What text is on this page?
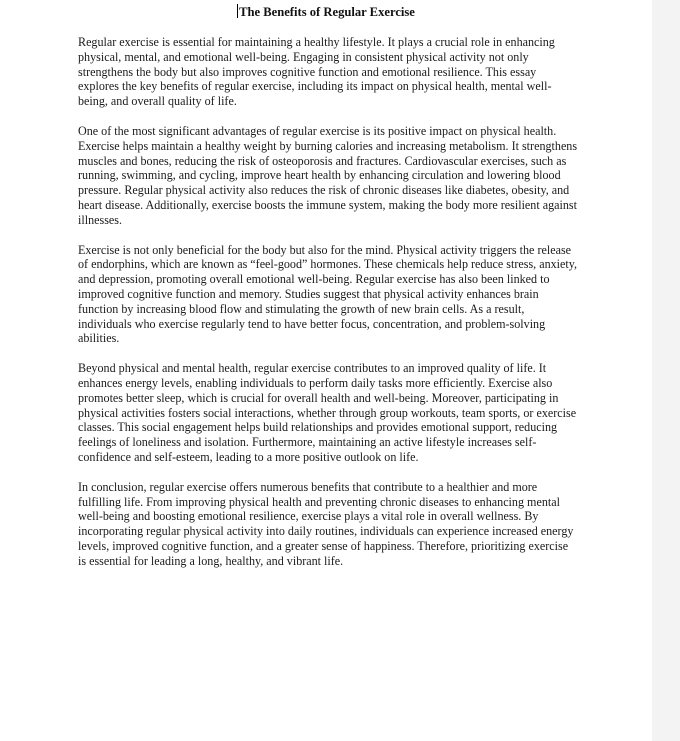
The Benefits of Regular Exercise

Regular exercise is essential for maintaining a healthy lifestyle. It plays a crucial role in enhancing physical, mental, and emotional well-being. Engaging in consistent physical activity not only strengthens the body but also improves cognitive function and emotional resilience. This essay explores the key benefits of regular exercise, including its impact on physical health, mental well-being, and overall quality of life.

One of the most significant advantages of regular exercise is its positive impact on physical health. Exercise helps maintain a healthy weight by burning calories and increasing metabolism. It strengthens muscles and bones, reducing the risk of osteoporosis and fractures. Cardiovascular exercises, such as running, swimming, and cycling, improve heart health by enhancing circulation and lowering blood pressure. Regular physical activity also reduces the risk of chronic diseases like diabetes, obesity, and heart disease. Additionally, exercise boosts the immune system, making the body more resilient against illnesses.

Exercise is not only beneficial for the body but also for the mind. Physical activity triggers the release of endorphins, which are known as “feel-good” hormones. These chemicals help reduce stress, anxiety, and depression, promoting overall emotional well-being. Regular exercise has also been linked to improved cognitive function and memory. Studies suggest that physical activity enhances brain function by increasing blood flow and stimulating the growth of new brain cells. As a result, individuals who exercise regularly tend to have better focus, concentration, and problem-solving abilities.

Beyond physical and mental health, regular exercise contributes to an improved quality of life. It enhances energy levels, enabling individuals to perform daily tasks more efficiently. Exercise also promotes better sleep, which is crucial for overall health and well-being. Moreover, participating in physical activities fosters social interactions, whether through group workouts, team sports, or exercise classes. This social engagement helps build relationships and provides emotional support, reducing feelings of loneliness and isolation. Furthermore, maintaining an active lifestyle increases self-confidence and self-esteem, leading to a more positive outlook on life.

In conclusion, regular exercise offers numerous benefits that contribute to a healthier and more fulfilling life. From improving physical health and preventing chronic diseases to enhancing mental well-being and boosting emotional resilience, exercise plays a vital role in overall wellness. By incorporating regular physical activity into daily routines, individuals can experience increased energy levels, improved cognitive function, and a greater sense of happiness. Therefore, prioritizing exercise is essential for leading a long, healthy, and vibrant life.
